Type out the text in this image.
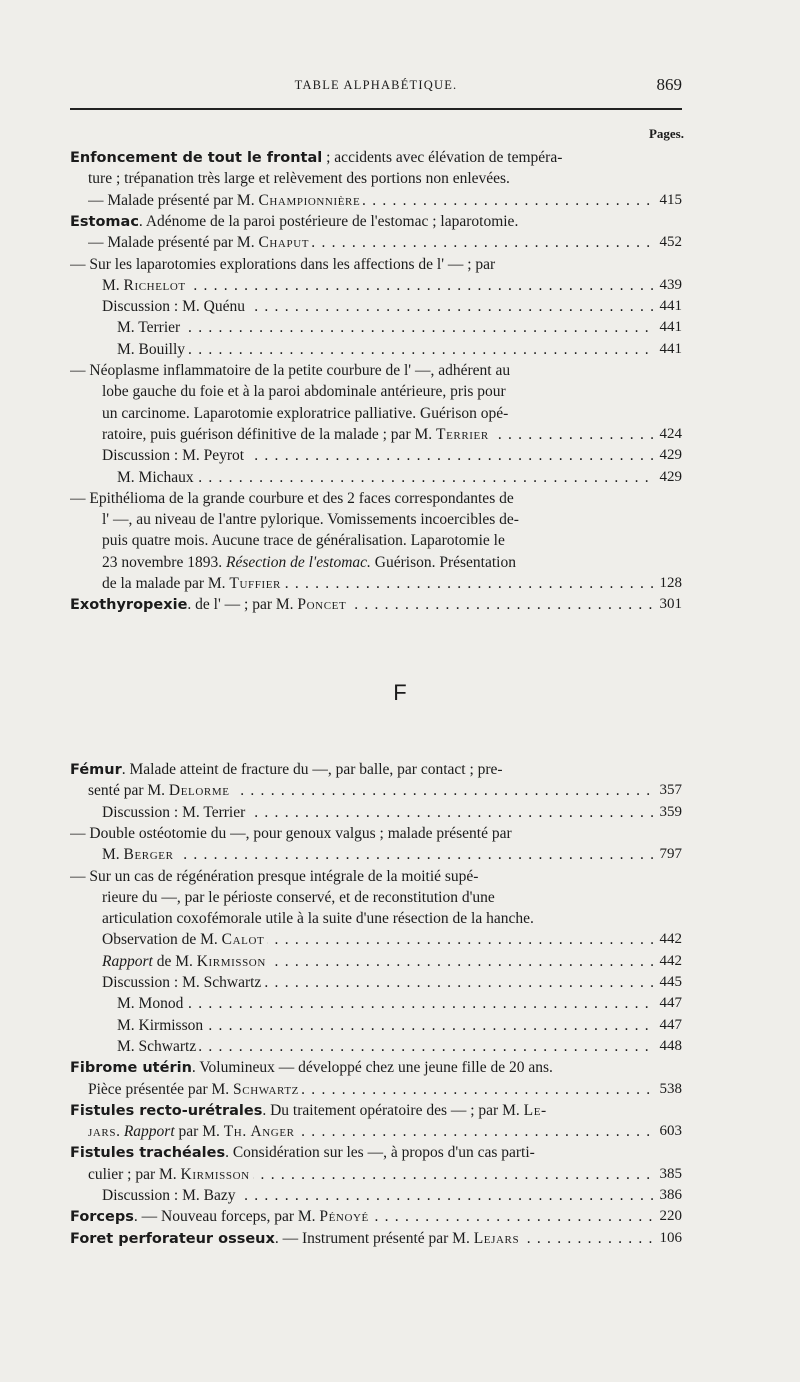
TABLE ALPHABÉTIQUE.	869
Pages.
F
Enfoncement de tout le frontal ; accidents avec élévation de tempéra-
ture ; trépanation très large et relèvement des portions non enlevées.
— Malade présenté par M. Championnière	415
. . .
Estomac. Adénome de la paroi postérieure de l'estomac ; laparotomie.
— Malade présenté par M. Chaput	452
. . .
— Sur les laparotomies explorations dans les affections de l' — ; par
M. Richelot	439
. . .
Discussion : M. Quénu	441
. . .
M. Terrier	441
. . .
M. Bouilly	441
. . .
— Néoplasme inflammatoire de la petite courbure de l' —, adhérent au
lobe gauche du foie et à la paroi abdominale antérieure, pris pour
un carcinome. Laparotomie exploratrice palliative. Guérison opé-
ratoire, puis guérison définitive de la malade ; par M. Terrier	424
. . .
Discussion : M. Peyrot	429
. . .
M. Michaux	429
. . .
— Epithélioma de la grande courbure et des 2 faces correspondantes de
l' —, au niveau de l'antre pylorique. Vomissements incoercibles de-
puis quatre mois. Aucune trace de généralisation. Laparotomie le
23 novembre 1893. Résection de l'estomac. Guérison. Présentation
de la malade par M. Tuffier	128
. . .
Exothyropexie. de l' — ; par M. Poncet	301
. . .
Fémur. Malade atteint de fracture du —, par balle, par contact ; pre-
senté par M. Delorme	357
. . .
Discussion : M. Terrier	359
. . .
— Double ostéotomie du —, pour genoux valgus ; malade présenté par
M. Berger	797
. . .
— Sur un cas de régénération presque intégrale de la moitié supé-
rieure du —, par le périoste conservé, et de reconstitution d'une
articulation coxofémorale utile à la suite d'une résection de la hanche.
Observation de M. Calot	442
. . .
Rapport de M. Kirmisson	442
. . .
Discussion : M. Schwartz	445
. . .
M. Monod	447
. . .
M. Kirmisson	447
. . .
M. Schwartz	448
. . .
Fibrome utérin. Volumineux — développé chez une jeune fille de 20 ans.
Pièce présentée par M. Schwartz	538
. . .
Fistules recto-urétrales. Du traitement opératoire des — ; par M. Le-
jars. Rapport par M. Th. Anger	603
. . .
Fistules trachéales. Considération sur les —, à propos d'un cas parti-
culier ; par M. Kirmisson	385
. . .
Discussion : M. Bazy	386
. . .
Forceps. — Nouveau forceps, par M. Pénoyé	220
. . .
Foret perforateur osseux. — Instrument présenté par M. Lejars	106
. . .
